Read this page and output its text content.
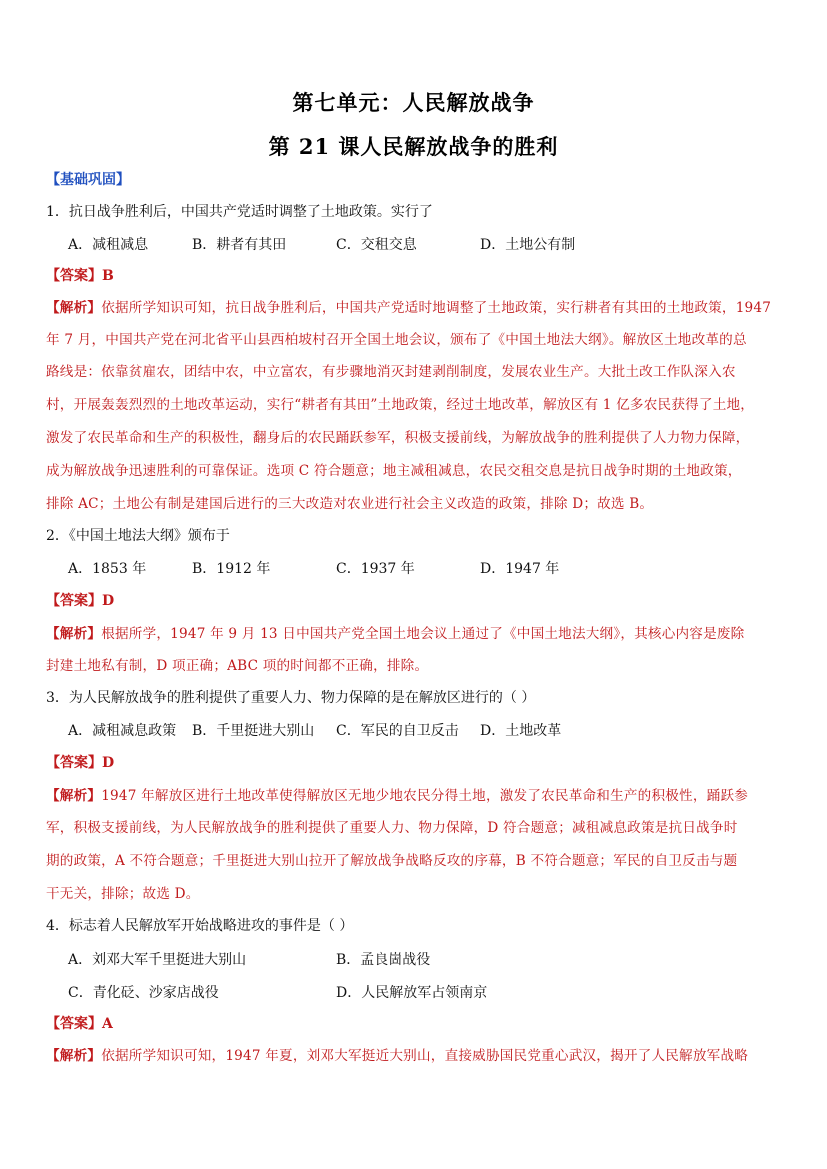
第七单元：人民解放战争
第 21 课人民解放战争的胜利
【基础巩固】
1．抗日战争胜利后，中国共产党适时调整了土地政策。实行了
A．减租减息	B．耕者有其田	C．交租交息	D．土地公有制
【答案】B
【解析】依据所学知识可知，抗日战争胜利后，中国共产党适时地调整了土地政策，实行耕者有其田的土地政策，1947
年 7 月，中国共产党在河北省平山县西柏坡村召开全国土地会议，颁布了《中国土地法大纲》。解放区土地改革的总
路线是：依靠贫雇农，团结中农，中立富农，有步骤地消灭封建剥削制度，发展农业生产。大批土改工作队深入农
村，开展轰轰烈烈的土地改革运动，实行“耕者有其田”土地政策，经过土地改革，解放区有 1 亿多农民获得了土地，
激发了农民革命和生产的积极性，翻身后的农民踊跃参军，积极支援前线，为解放战争的胜利提供了人力物力保障，
成为解放战争迅速胜利的可靠保证。选项 C 符合题意；地主减租减息，农民交租交息是抗日战争时期的土地政策，
排除 AC；土地公有制是建国后进行的三大改造对农业进行社会主义改造的政策，排除 D；故选 B。
2．《中国土地法大纲》颁布于
A．1853 年	B．1912 年	C．1937 年	D．1947 年
【答案】D
【解析】根据所学，1947 年 9 月 13 日中国共产党全国土地会议上通过了《中国土地法大纲》，其核心内容是废除
封建土地私有制，D 项正确；ABC 项的时间都不正确，排除。
3．为人民解放战争的胜利提供了重要人力、物力保障的是在解放区进行的（ ）
A．减租减息政策 B．千里挺进大别山 C．军民的自卫反击 D．土地改革
【答案】D
【解析】1947 年解放区进行土地改革使得解放区无地少地农民分得土地，激发了农民革命和生产的积极性，踊跃参
军，积极支援前线，为人民解放战争的胜利提供了重要人力、物力保障，D 符合题意；减租减息政策是抗日战争时
期的政策，A 不符合题意；千里挺进大别山拉开了解放战争战略反攻的序幕，B 不符合题意；军民的自卫反击与题
干无关，排除；故选 D。
4．标志着人民解放军开始战略进攻的事件是（ ）
A．刘邓大军千里挺进大别山	B．孟良崮战役
C．青化砭、沙家店战役	D．人民解放军占领南京
【答案】A
【解析】依据所学知识可知，1947 年夏，刘邓大军挺近大别山，直接威胁国民党重心武汉，揭开了人民解放军战略
